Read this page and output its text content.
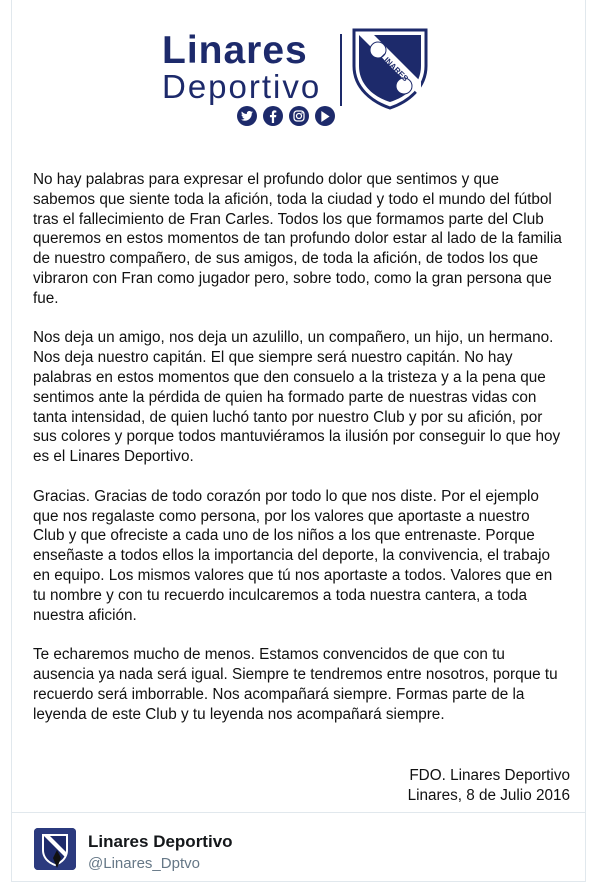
Linares
Deportivo
LINARES

No hay palabras para expresar el profundo dolor que sentimos y que sabemos que siente toda la afición, toda la ciudad y todo el mundo del fútbol tras el fallecimiento de Fran Carles. Todos los que formamos parte del Club queremos en estos momentos de tan profundo dolor estar al lado de la familia de nuestro compañero, de sus amigos, de toda la afición, de todos los que vibraron con Fran como jugador pero, sobre todo, como la gran persona que fue.

Nos deja un amigo, nos deja un azulillo, un compañero, un hijo, un hermano. Nos deja nuestro capitán. El que siempre será nuestro capitán. No hay palabras en estos momentos que den consuelo a la tristeza y a la pena que sentimos ante la pérdida de quien ha formado parte de nuestras vidas con tanta intensidad, de quien luchó tanto por nuestro Club y por su afición, por sus colores y porque todos mantuviéramos la ilusión por conseguir lo que hoy es el Linares Deportivo.

Gracias. Gracias de todo corazón por todo lo que nos diste. Por el ejemplo que nos regalaste como persona, por los valores que aportaste a nuestro Club y que ofreciste a cada uno de los niños a los que entrenaste. Porque enseñaste a todos ellos la importancia del deporte, la convivencia, el trabajo en equipo. Los mismos valores que tú nos aportaste a todos. Valores que en tu nombre y con tu recuerdo inculcaremos a toda nuestra cantera, a toda nuestra afición.

Te echaremos mucho de menos. Estamos convencidos de que con tu ausencia ya nada será igual. Siempre te tendremos entre nosotros, porque tu recuerdo será imborrable. Nos acompañará siempre. Formas parte de la leyenda de este Club y tu leyenda nos acompañará siempre.

FDO. Linares Deportivo
Linares, 8 de Julio 2016
Linares Deportivo
@Linares_Dptvo
